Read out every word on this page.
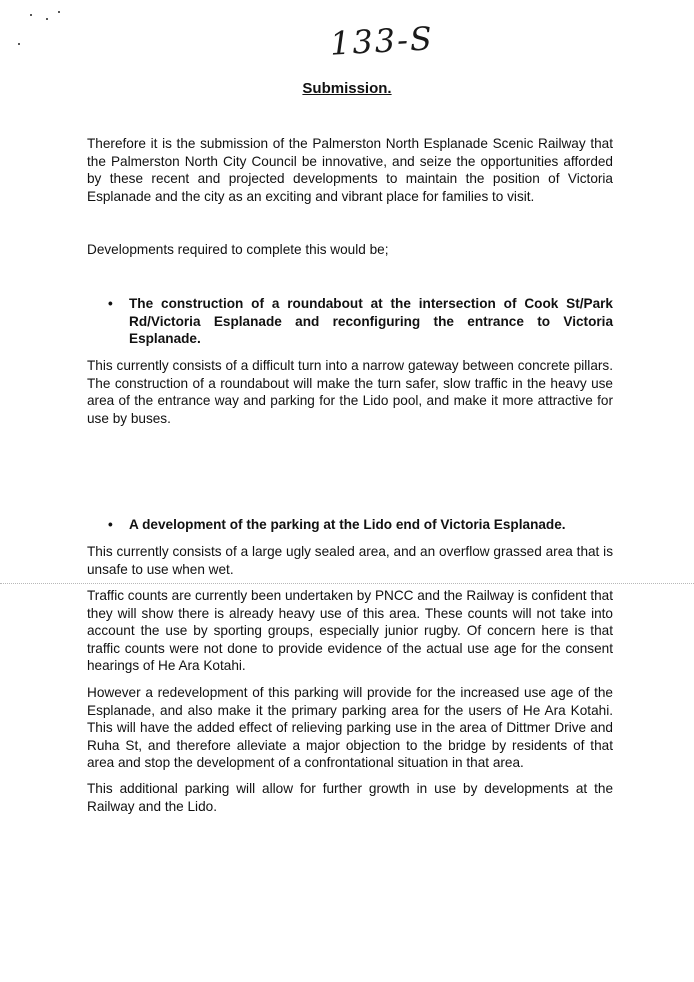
133-S
Submission.
Therefore it is the submission of the Palmerston North Esplanade Scenic Railway that the Palmerston North City Council be innovative, and seize the opportunities afforded by these recent and projected developments to maintain the position of Victoria Esplanade and the city as an exciting and vibrant place for families to visit.
Developments required to complete this would be;
•	The construction of a roundabout at the intersection of Cook St/Park Rd/Victoria Esplanade and reconfiguring the entrance to Victoria Esplanade.
This currently consists of a difficult turn into a narrow gateway between concrete pillars. The construction of a roundabout will make the turn safer, slow traffic in the heavy use area of the entrance way and parking for the Lido pool, and make it more attractive for use by buses.
•	A development of the parking at the Lido end of Victoria Esplanade.
This currently consists of a large ugly sealed area, and an overflow grassed area that is unsafe to use when wet.
Traffic counts are currently been undertaken by PNCC and the Railway is confident that they will show there is already heavy use of this area. These counts will not take into account the use by sporting groups, especially junior rugby. Of concern here is that traffic counts were not done to provide evidence of the actual use age for the consent hearings of He Ara Kotahi.
However a redevelopment of this parking will provide for the increased use age of the Esplanade, and also make it the primary parking area for the users of He Ara Kotahi. This will have the added effect of relieving parking use in the area of Dittmer Drive and Ruha St, and therefore alleviate a major objection to the bridge by residents of that area and stop the development of a confrontational situation in that area.
This additional parking will allow for further growth in use by developments at the Railway and the Lido.
